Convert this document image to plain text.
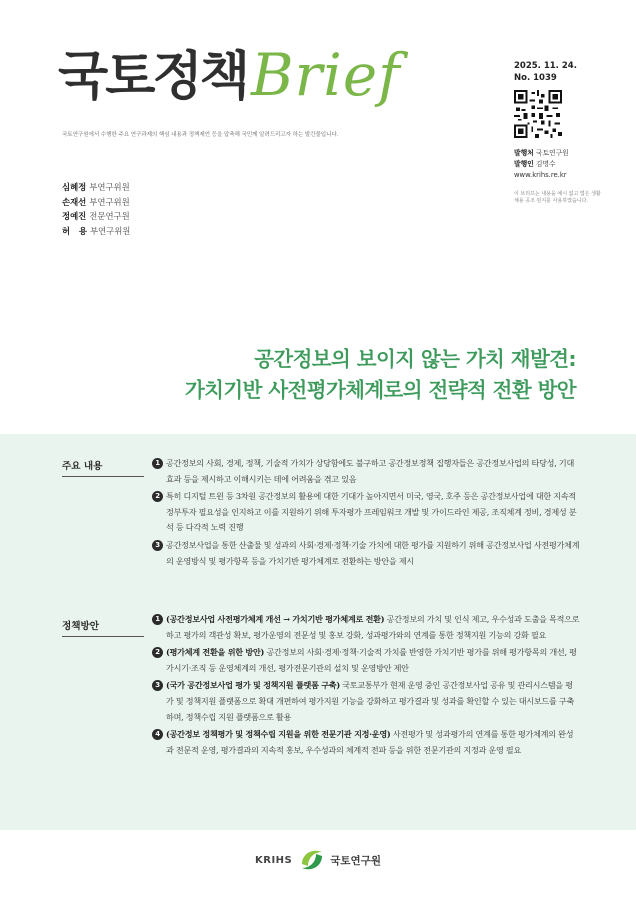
국토정책 Brief
국토연구원에서 수행한 주요 연구과제의 핵심 내용과 정책제언 등을 압축해 국민께 알려드리고자 하는 발간물입니다.
2025. 11. 24.
No. 1039
발행처 국토연구원
발행인 김명수
www.krihs.re.kr
이 브리프는 내용을 예시 없고 법은 생활체용 공조 된지를 사용하였습니다.
심혜정 부연구위원
손재선 부연구위원
정예진 전문연구원
허   용 부연구위원
공간정보의 보이지 않는 가치 재발견:
가치기반 사전평가체계로의 전략적 전환 방안
주요 내용	1 공간정보의 사회, 경제, 정책, 기술적 가치가 상당함에도 불구하고 공간정보정책 집행자들은 공간정보사업의 타당성, 기대효과 등을 제시하고 이해시키는 데에 어려움을 겪고 있음
2 특히 디지털 트윈 등 3차원 공간정보의 활용에 대한 기대가 높아지면서 미국, 영국, 호주 등은 공간정보사업에 대한 지속적 정부투자 필요성을 인지하고 이를 지원하기 위해 투자평가 프레임워크 개발 및 가이드라인 제공, 조직체계 정비, 경제성 분석 등 다각적 노력 진행
3 공간정보사업을 통한 산출물 및 성과의 사회·경제·정책·기술 가치에 대한 평가를 지원하기 위해 공간정보사업 사전평가체계의 운영방식 및 평가항목 등을 가치기반 평가체계로 전환하는 방안을 제시
정책방안
1 (공간정보사업 사전평가체계 개선 → 가치기반 평가체계로 전환) 공간정보의 가치 및 인식 제고, 우수성과 도출을 목적으로 하고 평가의 객관성 확보, 평가운영의 전문성 및 홍보 강화, 성과평가와의 연계를 통한 정책지원 기능의 강화 필요
2 (평가체계 전환을 위한 방안) 공간정보의 사회·경제·정책·기술적 가치를 반영한 가치기반 평가를 위해 평가항목의 개선, 평가시기·조직 등 운영체계의 개선, 평가전문기관의 설치 및 운영방안 제안
3 (국가 공간정보사업 평가 및 정책지원 플랫폼 구축) 국토교통부가 현재 운영 중인 공간정보사업 공유 및 관리시스템을 평가 및 정책지원 플랫폼으로 확대 개편하여 평가지원 기능을 강화하고 평가결과 및 성과를 확인할 수 있는 대시보드를 구축하며, 정책수립 지원 플랫폼으로 활용
4 (공간정보 정책평가 및 정책수립 지원을 위한 전문기관 지정·운영) 사전평가 및 성과평가의 연계를 통한 평가체계의 완성과 전문적 운영, 평가결과의 지속적 홍보, 우수성과의 체계적 전파 등을 위한 전문기관의 지정과 운영 필요
KRIHS	국토연구원
